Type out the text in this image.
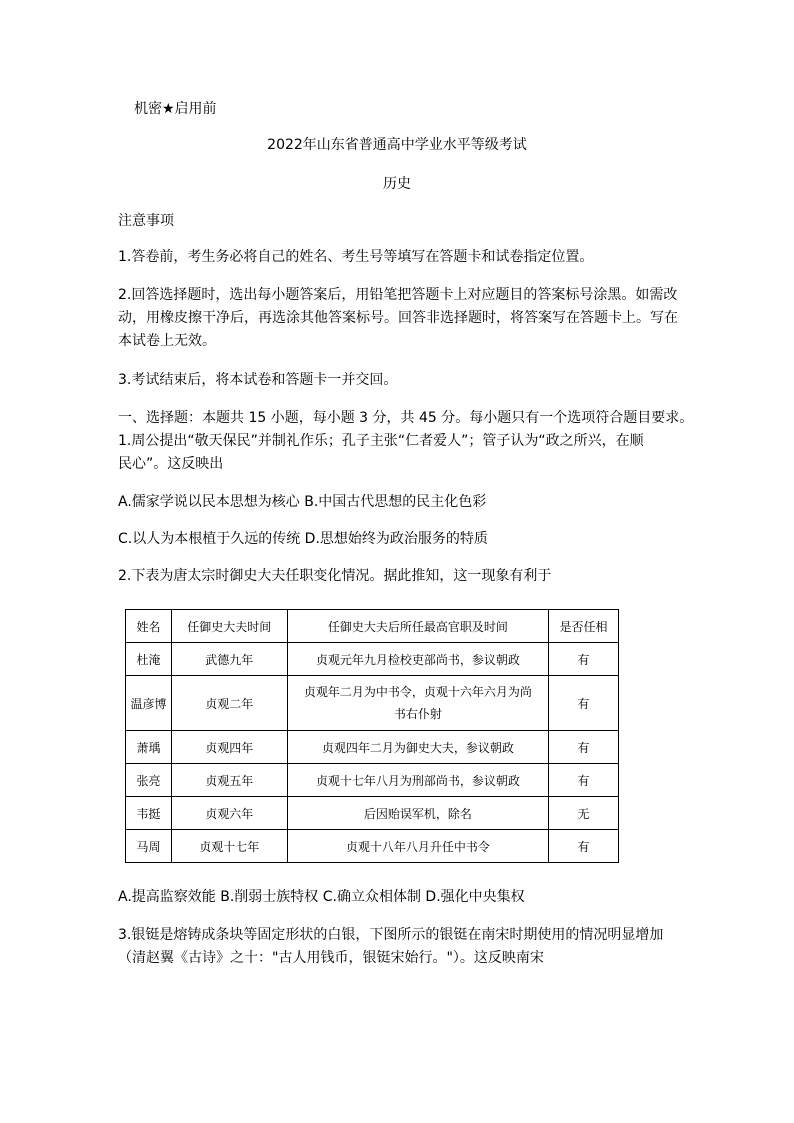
机密★启用前
2022年山东省普通高中学业水平等级考试
历史
注意事项
1.答卷前，考生务必将自己的姓名、考生号等填写在答题卡和试卷指定位置。
2.回答选择题时，选出每小题答案后，用铅笔把答题卡上对应题目的答案标号涂黑。如需改
动，用橡皮擦干净后，再选涂其他答案标号。回答非选择题时，将答案写在答题卡上。写在
本试卷上无效。
3.考试结束后，将本试卷和答题卡一并交回。
一、选择题：本题共 15 小题，每小题 3 分，共 45 分。每小题只有一个选项符合题目要求。
1.周公提出“敬天保民”并制礼作乐；孔子主张“仁者爱人”；管子认为“政之所兴，在顺
民心”。这反映出
A.儒家学说以民本思想为核心 B.中国古代思想的民主化色彩
C.以人为本根植于久远的传统 D.思想始终为政治服务的特质
2.下表为唐太宗时御史大夫任职变化情况。据此推知，这一现象有利于
姓名	任御史大夫时间	任御史大夫后所任最高官职及时间	是否任相
杜淹	武德九年	贞观元年九月检校吏部尚书，参议朝政	有
温彦博	贞观二年	贞观年二月为中书令，贞观十六年六月为尚
书右仆射	有
萧瑀	贞观四年	贞观四年二月为御史大夫，参议朝政	有
张亮	贞观五年	贞观十七年八月为刑部尚书，参议朝政	有
韦挺	贞观六年	后因贻误军机，除名	无
马周	贞观十七年	贞观十八年八月升任中书令	有
A.提高监察效能 B.削弱士族特权 C.确立众相体制 D.强化中央集权
3.银铤是熔铸成条块等固定形状的白银，下图所示的银铤在南宋时期使用的情况明显增加
（清赵翼《古诗》之十："古人用钱币，银铤宋始行。"）。这反映南宋
